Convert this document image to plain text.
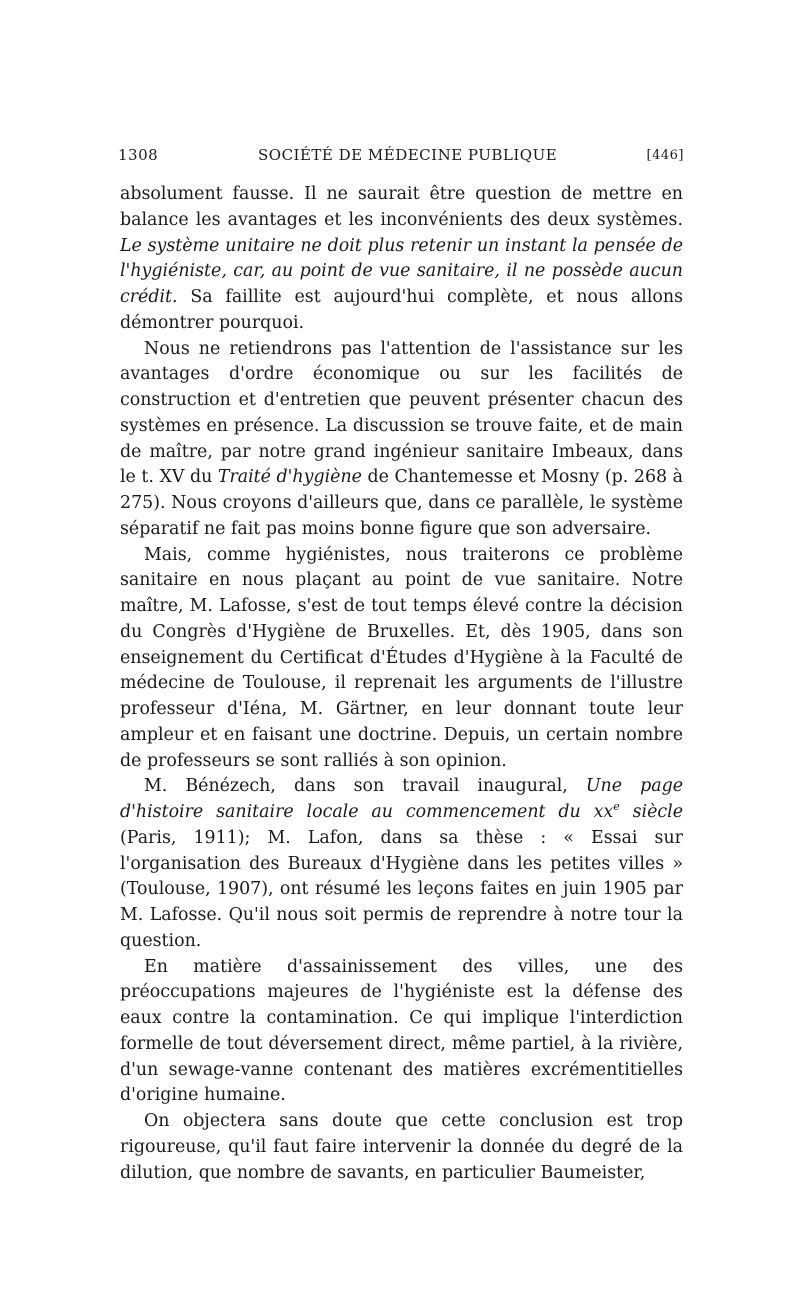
1308	SOCIÉTÉ DE MÉDECINE PUBLIQUE	[446]

absolument fausse. Il ne saurait être question de mettre en balance les avantages et les inconvénients des deux systèmes. Le système unitaire ne doit plus retenir un instant la pensée de l'hygiéniste, car, au point de vue sanitaire, il ne possède aucun crédit. Sa faillite est aujourd'hui complète, et nous allons démontrer pourquoi.

Nous ne retiendrons pas l'attention de l'assistance sur les avantages d'ordre économique ou sur les facilités de construction et d'entretien que peuvent présenter chacun des systèmes en présence. La discussion se trouve faite, et de main de maître, par notre grand ingénieur sanitaire Imbeaux, dans le t. XV du Traité d'hygiène de Chantemesse et Mosny (p. 268 à 275). Nous croyons d'ailleurs que, dans ce parallèle, le système séparatif ne fait pas moins bonne figure que son adversaire.

Mais, comme hygiénistes, nous traiterons ce problème sanitaire en nous plaçant au point de vue sanitaire. Notre maître, M. Lafosse, s'est de tout temps élevé contre la décision du Congrès d'Hygiène de Bruxelles. Et, dès 1905, dans son enseignement du Certificat d'Études d'Hygiène à la Faculté de médecine de Toulouse, il reprenait les arguments de l'illustre professeur d'Iéna, M. Gärtner, en leur donnant toute leur ampleur et en faisant une doctrine. Depuis, un certain nombre de professeurs se sont ralliés à son opinion.

M. Bénézech, dans son travail inaugural, Une page d'histoire sanitaire locale au commencement du $xx^e$ siècle (Paris, 1911); M. Lafon, dans sa thèse : « Essai sur l'organisation des Bureaux d'Hygiène dans les petites villes » (Toulouse, 1907), ont résumé les leçons faites en juin 1905 par M. Lafosse. Qu'il nous soit permis de reprendre à notre tour la question.

En matière d'assainissement des villes, une des préoccupations majeures de l'hygiéniste est la défense des eaux contre la contamination. Ce qui implique l'interdiction formelle de tout déversement direct, même partiel, à la rivière, d'un sewage-vanne contenant des matières excrémentitielles d'origine humaine.

On objectera sans doute que cette conclusion est trop rigoureuse, qu'il faut faire intervenir la donnée du degré de la dilution, que nombre de savants, en particulier Baumeister,
